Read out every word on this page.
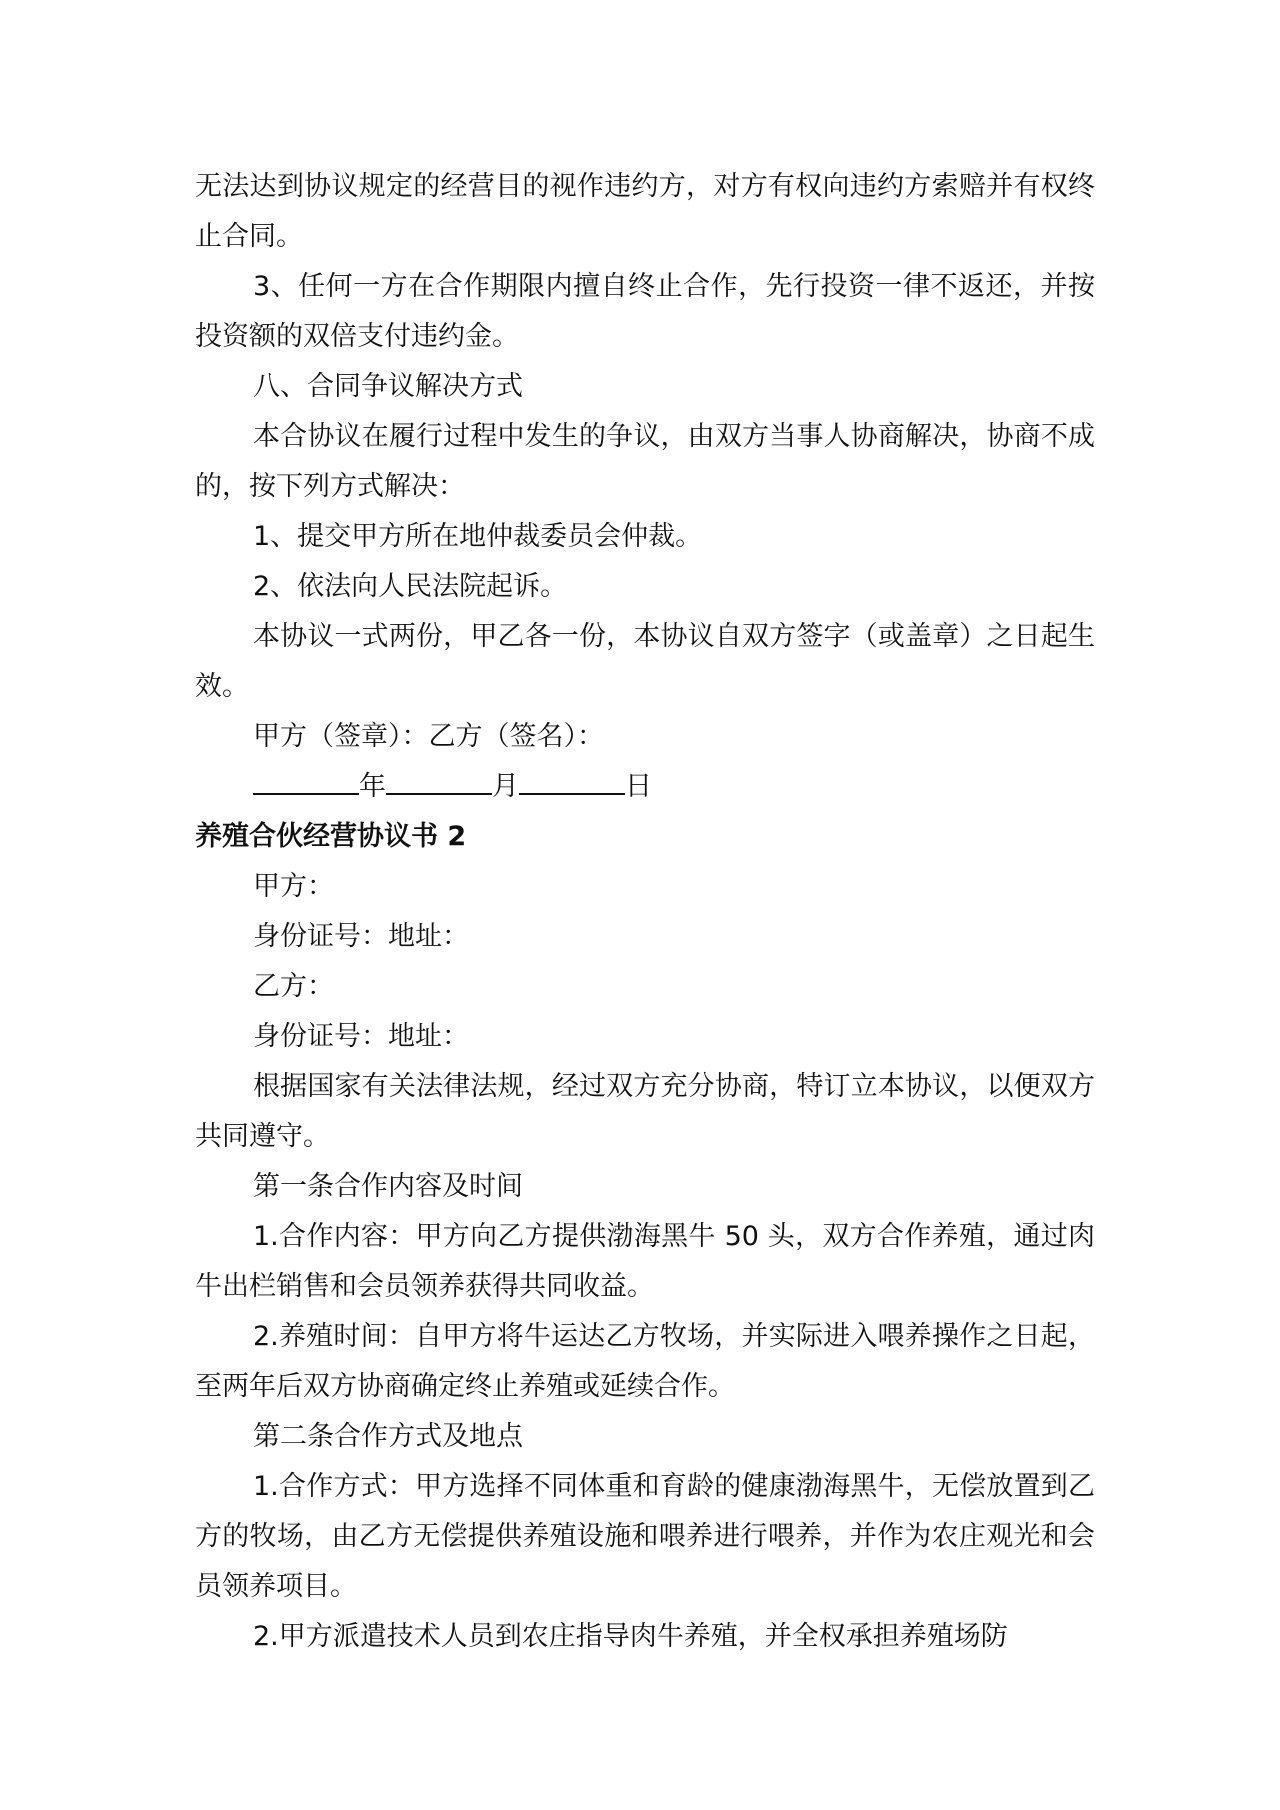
无法达到协议规定的经营目的视作违约方，对方有权向违约方索赔并有权终止合同。

3、任何一方在合作期限内擅自终止合作，先行投资一律不返还，并按投资额的双倍支付违约金。

八、合同争议解决方式

本合协议在履行过程中发生的争议，由双方当事人协商解决，协商不成的，按下列方式解决：

1、提交甲方所在地仲裁委员会仲裁。

2、依法向人民法院起诉。

本协议一式两份，甲乙各一份，本协议自双方签字（或盖章）之日起生效。

甲方（签章）：乙方（签名）：

年	月	日
养殖合伙经营协议书 2

甲方：

身份证号：地址：

乙方：

身份证号：地址：

根据国家有关法律法规，经过双方充分协商，特订立本协议，以便双方共同遵守。

第一条合作内容及时间

1.合作内容：甲方向乙方提供渤海黑牛 50 头，双方合作养殖，通过肉牛出栏销售和会员领养获得共同收益。

2.养殖时间：自甲方将牛运达乙方牧场，并实际进入喂养操作之日起，至两年后双方协商确定终止养殖或延续合作。

第二条合作方式及地点

1.合作方式：甲方选择不同体重和育龄的健康渤海黑牛，无偿放置到乙方的牧场，由乙方无偿提供养殖设施和喂养进行喂养，并作为农庄观光和会员领养项目。

2.甲方派遣技术人员到农庄指导肉牛养殖，并全权承担养殖场防
